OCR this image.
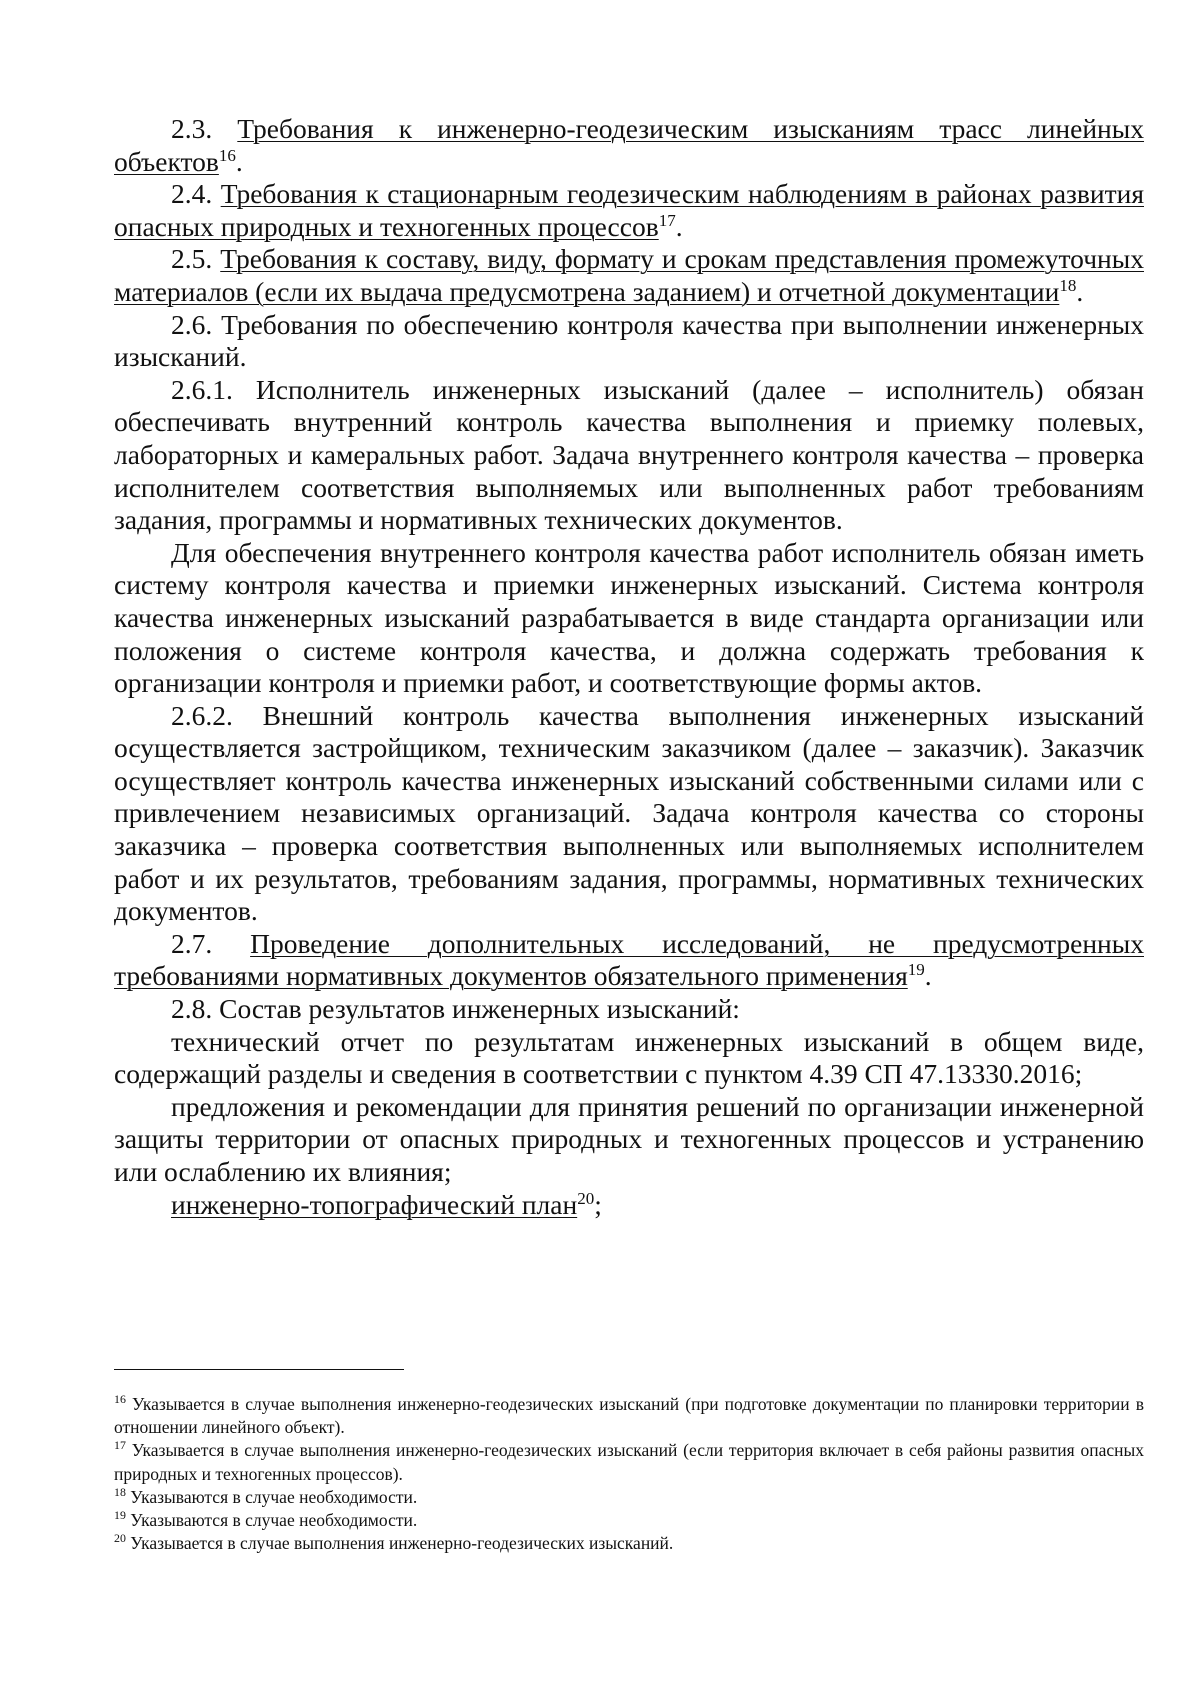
2.3. Требования к инженерно-геодезическим изысканиям трасс линейных объектов$^{16}$.

2.4. Требования к стационарным геодезическим наблюдениям в районах развития опасных природных и техногенных процессов$^{17}$.

2.5. Требования к составу, виду, формату и срокам представления промежуточных материалов (если их выдача предусмотрена заданием) и отчетной документации$^{18}$.

2.6. Требования по обеспечению контроля качества при выполнении инженерных изысканий.

2.6.1. Исполнитель инженерных изысканий (далее – исполнитель) обязан обеспечивать внутренний контроль качества выполнения и приемку полевых, лабораторных и камеральных работ. Задача внутреннего контроля качества – проверка исполнителем соответствия выполняемых или выполненных работ требованиям задания, программы и нормативных технических документов.

Для обеспечения внутреннего контроля качества работ исполнитель обязан иметь систему контроля качества и приемки инженерных изысканий. Система контроля качества инженерных изысканий разрабатывается в виде стандарта организации или положения о системе контроля качества, и должна содержать требования к организации контроля и приемки работ, и соответствующие формы актов.

2.6.2. Внешний контроль качества выполнения инженерных изысканий осуществляется застройщиком, техническим заказчиком (далее – заказчик). Заказчик осуществляет контроль качества инженерных изысканий собственными силами или с привлечением независимых организаций. Задача контроля качества со стороны заказчика – проверка соответствия выполненных или выполняемых исполнителем работ и их результатов, требованиям задания, программы, нормативных технических документов.

2.7. Проведение дополнительных исследований, не предусмотренных требованиями нормативных документов обязательного применения$^{19}$.

2.8. Состав результатов инженерных изысканий:

технический отчет по результатам инженерных изысканий в общем виде, содержащий разделы и сведения в соответствии с пунктом 4.39 СП 47.13330.2016;

предложения и рекомендации для принятия решений по организации инженерной защиты территории от опасных природных и техногенных процессов и устранению или ослаблению их влияния;

инженерно-топографический план$^{20}$;

$^{16}$ Указывается в случае выполнения инженерно-геодезических изысканий (при подготовке документации по планировки территории в отношении линейного объект).

$^{17}$ Указывается в случае выполнения инженерно-геодезических изысканий (если территория включает в себя районы развития опасных природных и техногенных процессов).

$^{18}$ Указываются в случае необходимости.

$^{19}$ Указываются в случае необходимости.

$^{20}$ Указывается в случае выполнения инженерно-геодезических изысканий.
